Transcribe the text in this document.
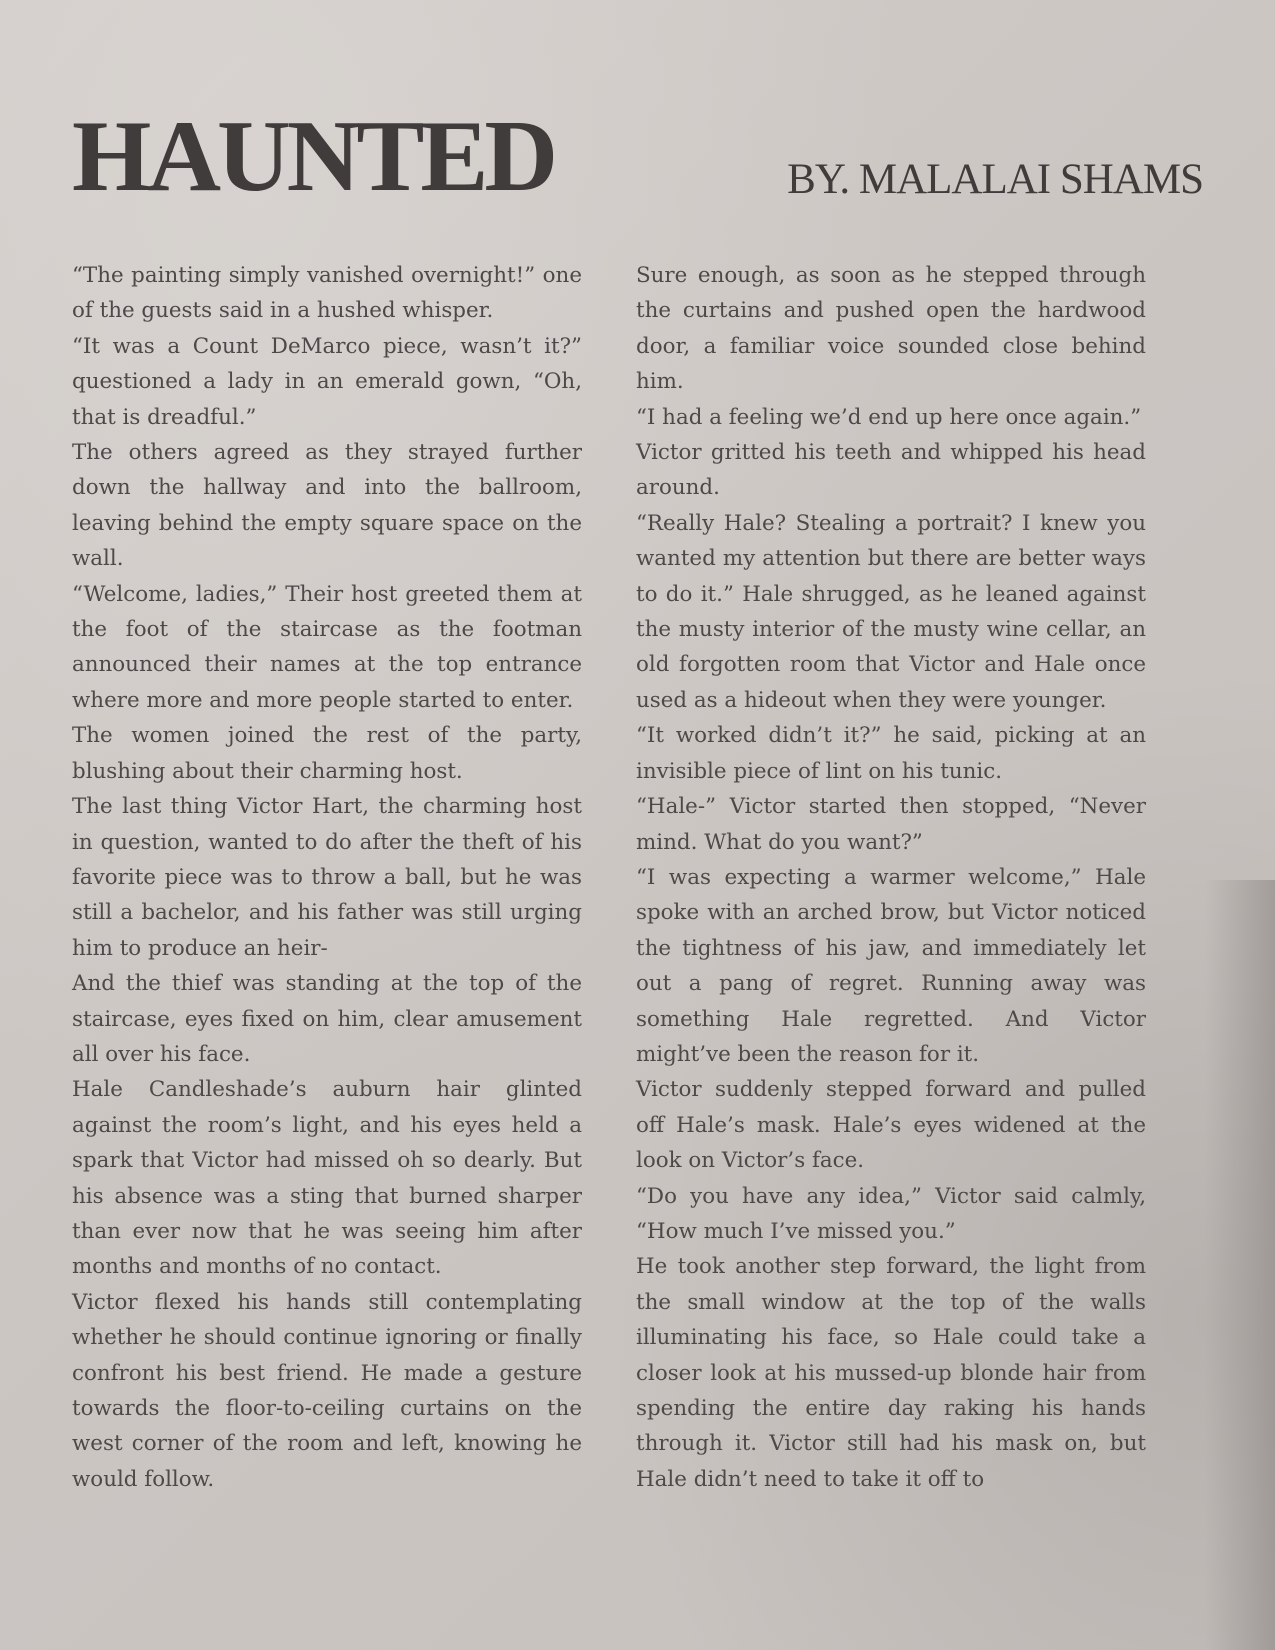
HAUNTED	BY. MALALAI SHAMS

“The painting simply vanished overnight!” one of the guests said in a hushed whisper.

“It was a Count DeMarco piece, wasn’t it?” questioned a lady in an emerald gown, “Oh, that is dreadful.”

The others agreed as they strayed further down the hallway and into the ballroom, leaving behind the empty square space on the wall.

“Welcome, ladies,” Their host greeted them at the foot of the staircase as the footman announced their names at the top entrance where more and more people started to enter.

The women joined the rest of the party, blushing about their charming host.

The last thing Victor Hart, the charming host in question, wanted to do after the theft of his favorite piece was to throw a ball, but he was still a bachelor, and his father was still urging him to produce an heir-

And the thief was standing at the top of the staircase, eyes fixed on him, clear amusement all over his face.

Hale Candleshade’s auburn hair glinted against the room’s light, and his eyes held a spark that Victor had missed oh so dearly. But his absence was a sting that burned sharper than ever now that he was seeing him after months and months of no contact.

Victor flexed his hands still contemplating whether he should continue ignoring or finally confront his best friend. He made a gesture towards the floor-to-ceiling curtains on the west corner of the room and left, knowing he would follow.

Sure enough, as soon as he stepped through the curtains and pushed open the hardwood door, a familiar voice sounded close behind him.

“I had a feeling we’d end up here once again.”

Victor gritted his teeth and whipped his head around.

“Really Hale? Stealing a portrait? I knew you wanted my attention but there are better ways to do it.” Hale shrugged, as he leaned against the musty interior of the musty wine cellar, an old forgotten room that Victor and Hale once used as a hideout when they were younger.

“It worked didn’t it?” he said, picking at an invisible piece of lint on his tunic.

“Hale-” Victor started then stopped, “Never mind. What do you want?”

“I was expecting a warmer welcome,” Hale spoke with an arched brow, but Victor noticed the tightness of his jaw, and immediately let out a pang of regret. Running away was something Hale regretted. And Victor might’ve been the reason for it.

Victor suddenly stepped forward and pulled off Hale’s mask. Hale’s eyes widened at the look on Victor’s face.

“Do you have any idea,” Victor said calmly, “How much I’ve missed you.”

He took another step forward, the light from the small window at the top of the walls illuminating his face, so Hale could take a closer look at his mussed-up blonde hair from spending the entire day raking his hands through it. Victor still had his mask on, but Hale didn’t need to take it off to
